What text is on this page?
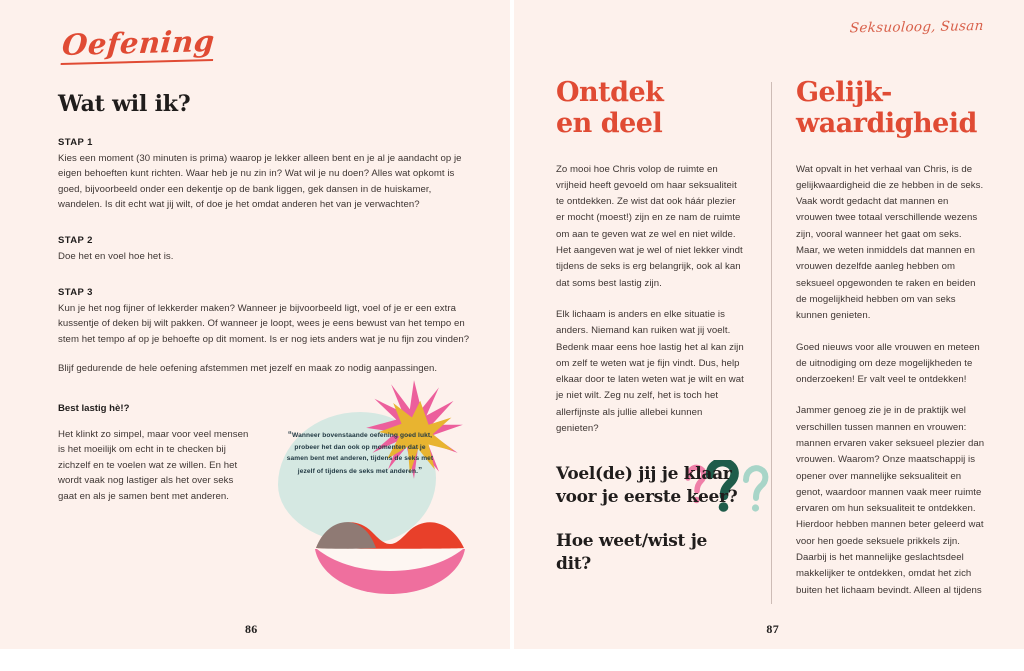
Oefening
Wat wil ik?
STAP 1

Kies een moment (30 minuten is prima) waarop je lekker alleen bent en je al je aandacht op je eigen behoeften kunt richten. Waar heb je nu zin in? Wat wil je nu doen? Alles wat opkomt is goed, bijvoorbeeld onder een dekentje op de bank liggen, gek dansen in de huiskamer, wandelen. Is dit echt wat jij wilt, of doe je het omdat anderen het van je verwachten?

STAP 2

Doe het en voel hoe het is.

STAP 3

Kun je het nog fijner of lekkerder maken? Wanneer je bijvoorbeeld ligt, voel of je er een extra kussentje of deken bij wilt pakken. Of wanneer je loopt, wees je eens bewust van het tempo en stem het tempo af op je behoefte op dit moment. Is er nog iets anders wat je nu fijn zou vinden?

Blijf gedurende de hele oefening afstemmen met jezelf en maak zo nodig aanpassingen.

Best lastig hè!?

Het klinkt zo simpel, maar voor veel mensen is het moeilijk om echt in te checken bij zichzelf en te voelen wat ze willen. En het wordt vaak nog lastiger als het over seks gaat en als je samen bent met anderen.

“Wanneer bovenstaande oefening goed lukt, probeer het dan ook op momenten dat je samen bent met anderen, tijdens de seks met jezelf of tijdens de seks met anderen.”
86
Seksuoloog, Susan
Ontdek
en deel

Zo mooi hoe Chris volop de ruimte en vrijheid heeft gevoeld om haar seksualiteit te ontdekken. Ze wist dat ook háár plezier er mocht (moest!) zijn en ze nam de ruimte om aan te geven wat ze wel en niet wilde. Het aangeven wat je wel of niet lekker vindt tijdens de seks is erg belangrijk, ook al kan dat soms best lastig zijn.

Elk lichaam is anders en elke situatie is anders. Niemand kan ruiken wat jij voelt. Bedenk maar eens hoe lastig het al kan zijn om zelf te weten wat je fijn vindt. Dus, help elkaar door te laten weten wat je wilt en wat je niet wilt. Zeg nu zelf, het is toch het allerfijnste als jullie allebei kunnen genieten?

Voel(de) jij je klaar voor je eerste keer?
Hoe weet/wist je dit?
Gelijk-
waardigheid

Wat opvalt in het verhaal van Chris, is de gelijkwaardigheid die ze hebben in de seks. Vaak wordt gedacht dat mannen en vrouwen twee totaal verschillende wezens zijn, vooral wanneer het gaat om seks. Maar, we weten inmiddels dat mannen en vrouwen dezelfde aanleg hebben om seksueel opgewonden te raken en beiden de mogelijkheid hebben om van seks kunnen genieten.

Goed nieuws voor alle vrouwen en meteen de uitnodiging om deze mogelijkheden te onderzoeken! Er valt veel te ontdekken!

Jammer genoeg zie je in de praktijk wel verschillen tussen mannen en vrouwen: mannen ervaren vaker seksueel plezier dan vrouwen. Waarom? Onze maatschappij is opener over mannelijke seksualiteit en genot, waardoor mannen vaak meer ruimte ervaren om hun seksualiteit te ontdekken. Hierdoor hebben mannen beter geleerd wat voor hen goede seksuele prikkels zijn. Daarbij is het mannelijke geslachtsdeel makkelijker te ontdekken, omdat het zich buiten het lichaam bevindt. Alleen al tijdens

87
